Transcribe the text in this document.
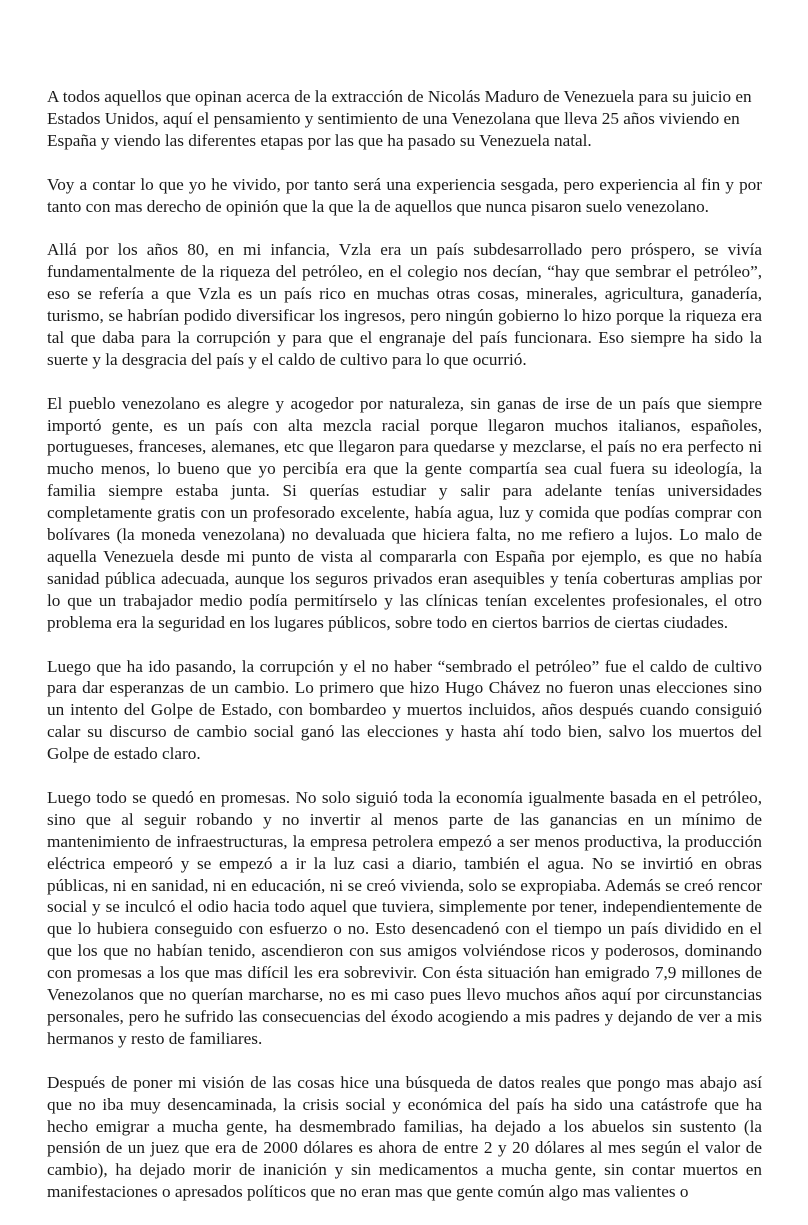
A todos aquellos que opinan acerca de la extracción de Nicolás Maduro de Venezuela para su juicio en Estados Unidos, aquí el pensamiento y sentimiento de una Venezolana que lleva 25 años viviendo en España y viendo las diferentes etapas por las que ha pasado su Venezuela natal.

Voy a contar lo que yo he vivido, por tanto será una experiencia sesgada, pero experiencia al fin y por tanto con mas derecho de opinión que la que la de aquellos que nunca pisaron suelo venezolano.

Allá por los años 80, en mi infancia, Vzla era un país subdesarrollado pero próspero, se vivía fundamentalmente de la riqueza del petróleo, en el colegio nos decían, “hay que sembrar el petróleo”, eso se refería a que Vzla es un país rico en muchas otras cosas, minerales, agricultura, ganadería, turismo, se habrían podido diversificar los ingresos, pero ningún gobierno lo hizo porque la riqueza era tal que daba para la corrupción y para que el engranaje del país funcionara. Eso siempre ha sido la suerte y la desgracia del país y el caldo de cultivo para lo que ocurrió.

El pueblo venezolano es alegre y acogedor por naturaleza, sin ganas de irse de un país que siempre importó gente, es un país con alta mezcla racial porque llegaron muchos italianos, españoles, portugueses, franceses, alemanes, etc que llegaron para quedarse y mezclarse, el país no era perfecto ni mucho menos, lo bueno que yo percibía era que la gente compartía sea cual fuera su ideología, la familia siempre estaba junta. Si querías estudiar y salir para adelante tenías universidades completamente gratis con un profesorado excelente, había agua, luz y comida que podías comprar con bolívares (la moneda venezolana) no devaluada que hiciera falta, no me refiero a lujos. Lo malo de aquella Venezuela desde mi punto de vista al compararla con España por ejemplo, es que no había sanidad pública adecuada, aunque los seguros privados eran asequibles y tenía coberturas amplias por lo que un trabajador medio podía permitírselo y las clínicas tenían excelentes profesionales, el otro problema era la seguridad en los lugares públicos, sobre todo en ciertos barrios de ciertas ciudades.

Luego que ha ido pasando, la corrupción y el no haber “sembrado el petróleo” fue el caldo de cultivo para dar esperanzas de un cambio. Lo primero que hizo Hugo Chávez no fueron unas elecciones sino un intento del Golpe de Estado, con bombardeo y muertos incluidos, años después cuando consiguió calar su discurso de cambio social ganó las elecciones y hasta ahí todo bien, salvo los muertos del Golpe de estado claro.

Luego todo se quedó en promesas. No solo siguió toda la economía igualmente basada en el petróleo, sino que al seguir robando y no invertir al menos parte de las ganancias en un mínimo de mantenimiento de infraestructuras, la empresa petrolera empezó a ser menos productiva, la producción eléctrica empeoró y se empezó a ir la luz casi a diario, también el agua. No se invirtió en obras públicas, ni en sanidad, ni en educación, ni se creó vivienda, solo se expropiaba. Además se creó rencor social y se inculcó el odio hacia todo aquel que tuviera, simplemente por tener, independientemente de que lo hubiera conseguido con esfuerzo o no. Esto desencadenó con el tiempo un país dividido en el que los que no habían tenido, ascendieron con sus amigos volviéndose ricos y poderosos, dominando con promesas a los que mas difícil les era sobrevivir. Con ésta situación han emigrado 7,9 millones de Venezolanos que no querían marcharse, no es mi caso pues llevo muchos años aquí por circunstancias personales, pero he sufrido las consecuencias del éxodo acogiendo a mis padres y dejando de ver a mis hermanos y resto de familiares.

Después de poner mi visión de las cosas hice una búsqueda de datos reales que pongo mas abajo así que no iba muy desencaminada, la crisis social y económica del país ha sido una catástrofe que ha hecho emigrar a mucha gente, ha desmembrado familias, ha dejado a los abuelos sin sustento (la pensión de un juez que era de 2000 dólares es ahora de entre 2 y 20 dólares al mes según el valor de cambio), ha dejado morir de inanición y sin medicamentos a mucha gente, sin contar muertos en manifestaciones o apresados políticos que no eran mas que gente común algo mas valientes o
